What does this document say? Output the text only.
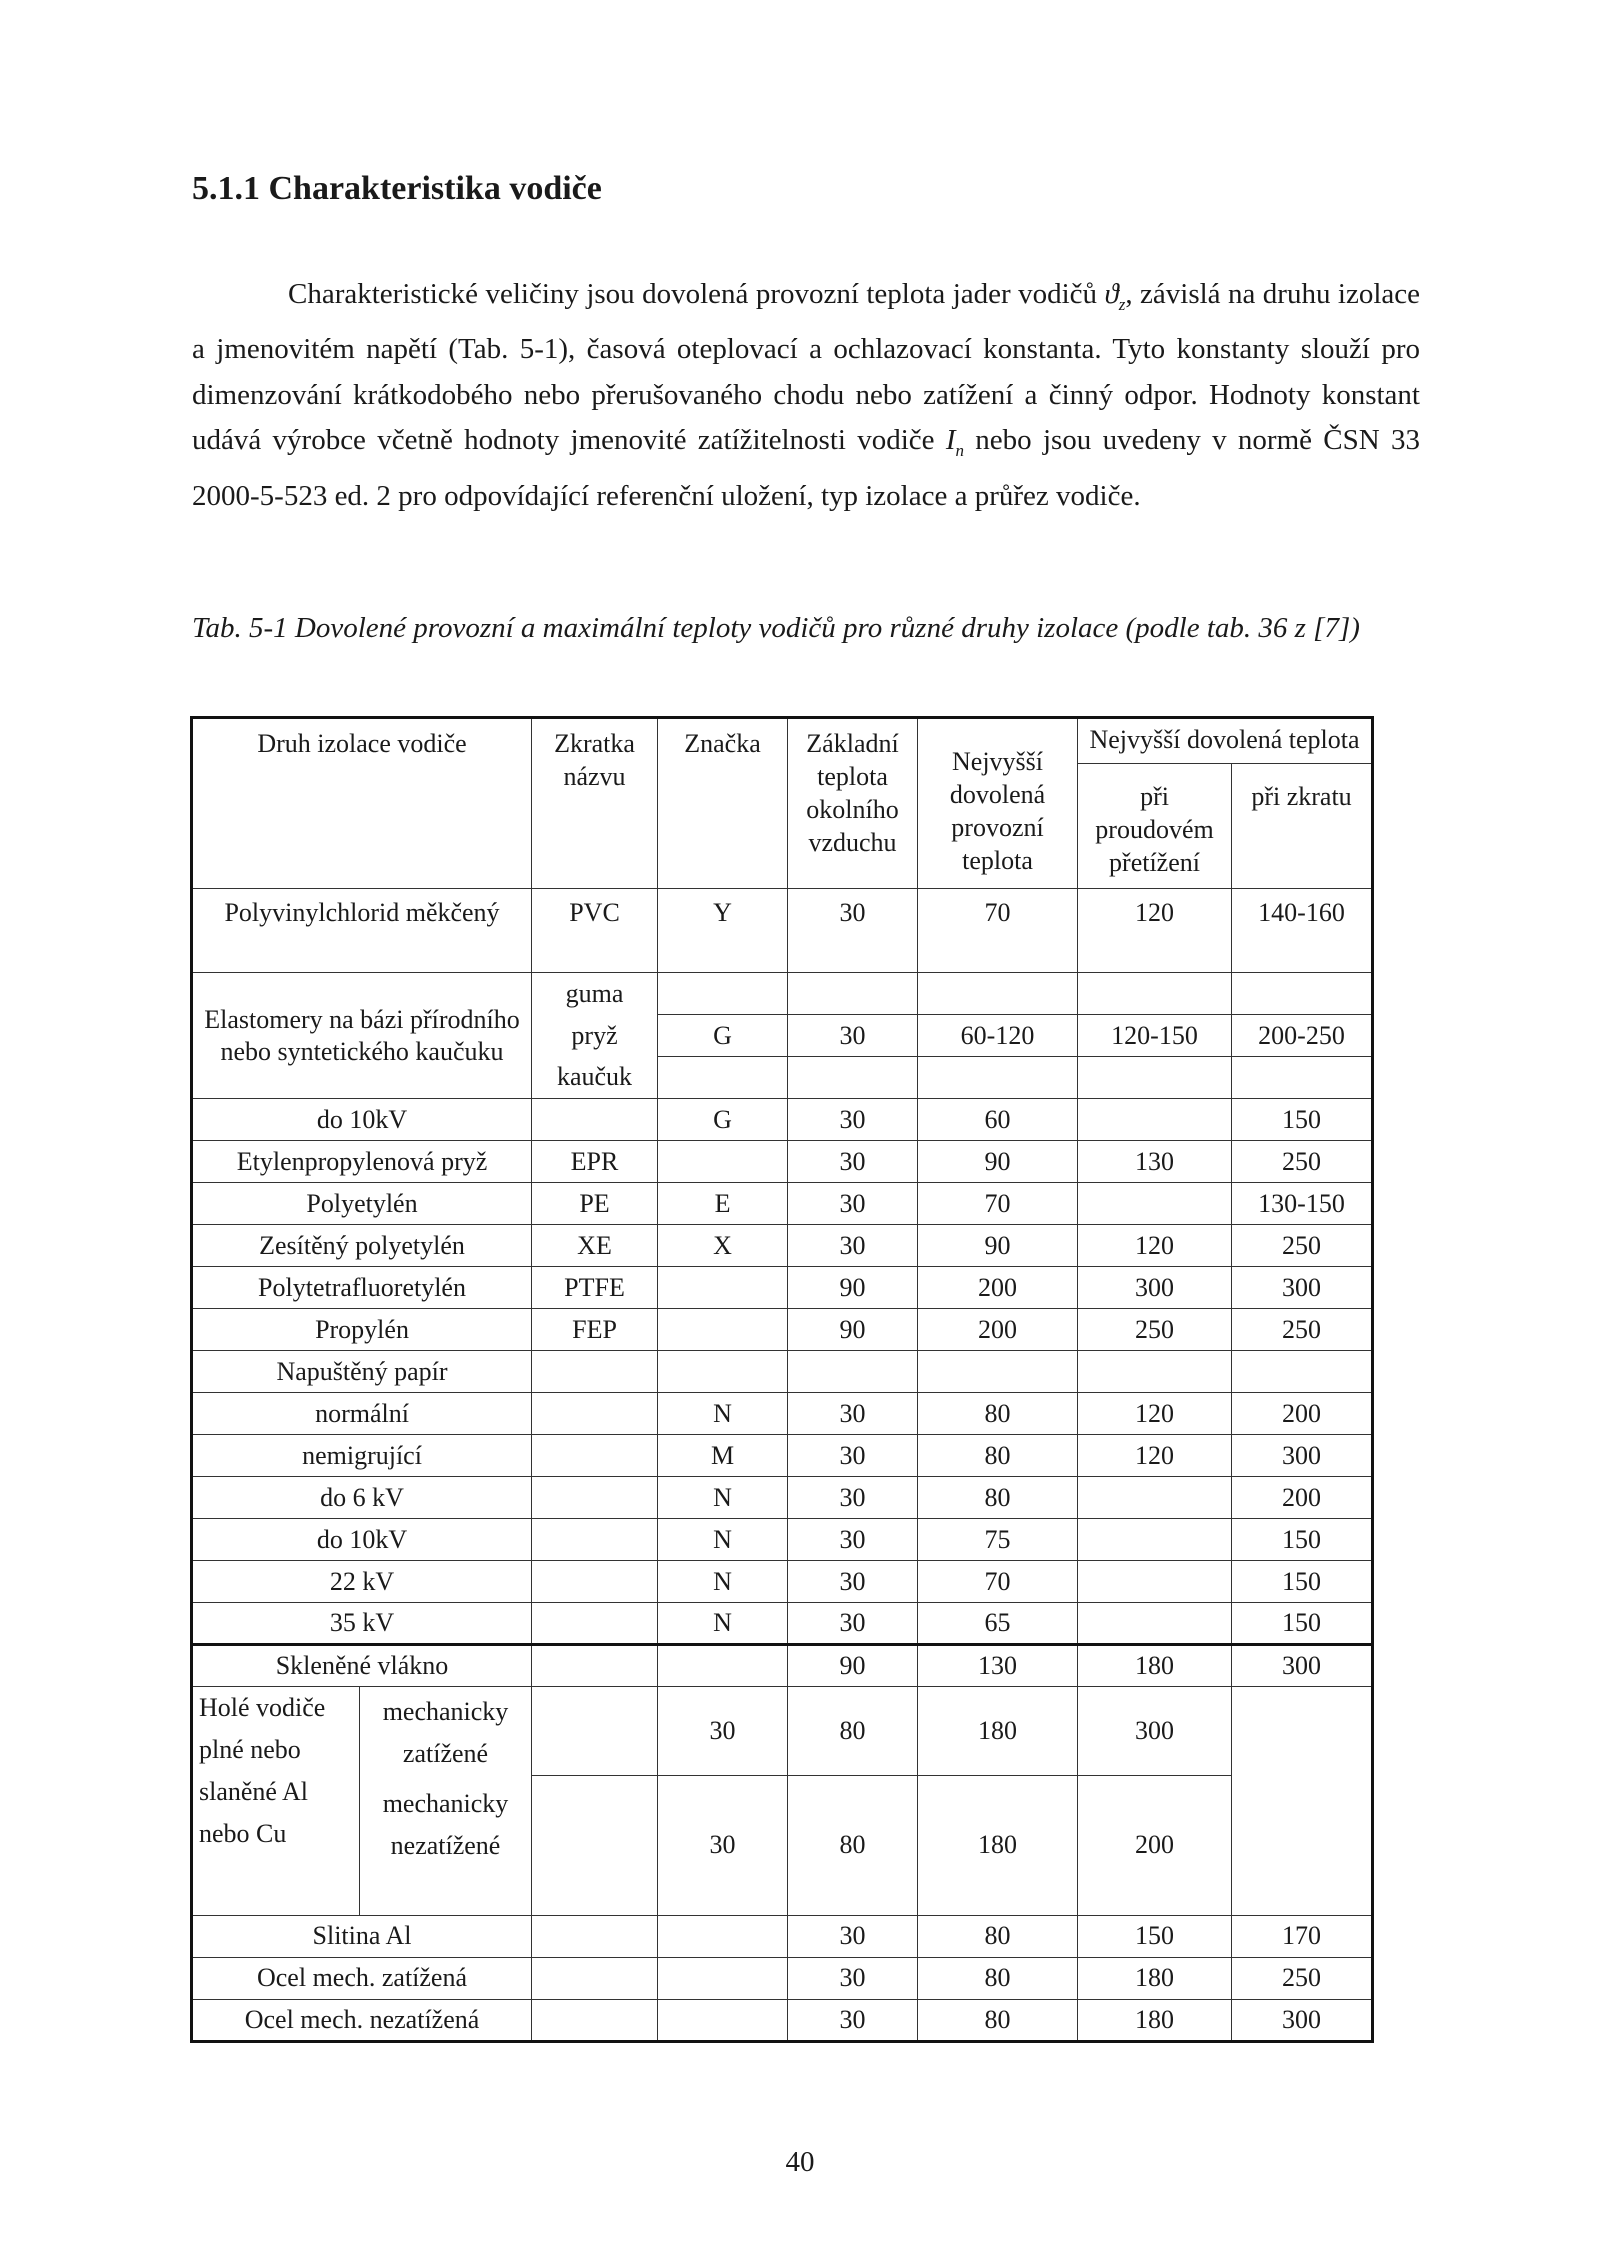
5.1.1 Charakteristika vodiče

Charakteristické veličiny jsou dovolená provozní teplota jader vodičů $ϑ_z$, závislá na druhu izolace a jmenovitém napětí (Tab. 5-1), časová oteplovací a ochlazovací konstanta. Tyto konstanty slouží pro dimenzování krátkodobého nebo přerušovaného chodu nebo zatížení a činný odpor. Hodnoty konstant udává výrobce včetně hodnoty jmenovité zatížitelnosti vodiče $I_n$ nebo jsou uvedeny v normě ČSN 33 2000-5-523 ed. 2 pro odpovídající referenční uložení, typ izolace a průřez vodiče.

Tab. 5-1 Dovolené provozní a maximální teploty vodičů pro různé druhy izolace (podle tab. 36 z [7])

Druh izolace vodiče		Zkratka názvu	Značka	Základní teplota okolního vzduchu	Nejvyšší dovolená provozní teplota	Nejvyšší dovolená teplota	
						při proudovém přetížení	při zkratu
Polyvinylchlorid měkčený		PVC	Y	30	70	120	140-160
Elastomery na bázi přírodního nebo syntetického kaučuku		guma					
		pryž	G	30	60-120	120-150	200-250
		kaučuk					
do 10kV			G	30	60		150
Etylenpropylenová pryž		EPR		30	90	130	250
Polyetylén		PE	E	30	70		130-150
Zesítěný polyetylén		XE	X	30	90	120	250
Polytetrafluoretylén		PTFE		90	200	300	300
Propylén		FEP		90	200	250	250
Napuštěný papír							
normální			N	30	80	120	200
nemigrující			M	30	80	120	300
do 6 kV			N	30	80		200
do 10kV			N	30	75		150
22 kV			N	30	70		150
35 kV			N	30	65		150
Skleněné vlákno				90	130	180	300
Holé vodiče plné nebo slaněné Al nebo Cu	mechanicky zatížené		30	80	180	300	
	mechanicky nezatížené		30	80	180	200	
Slitina Al				30	80	150	170
Ocel mech. zatížená				30	80	180	250
Ocel mech. nezatížená				30	80	180	300
40
